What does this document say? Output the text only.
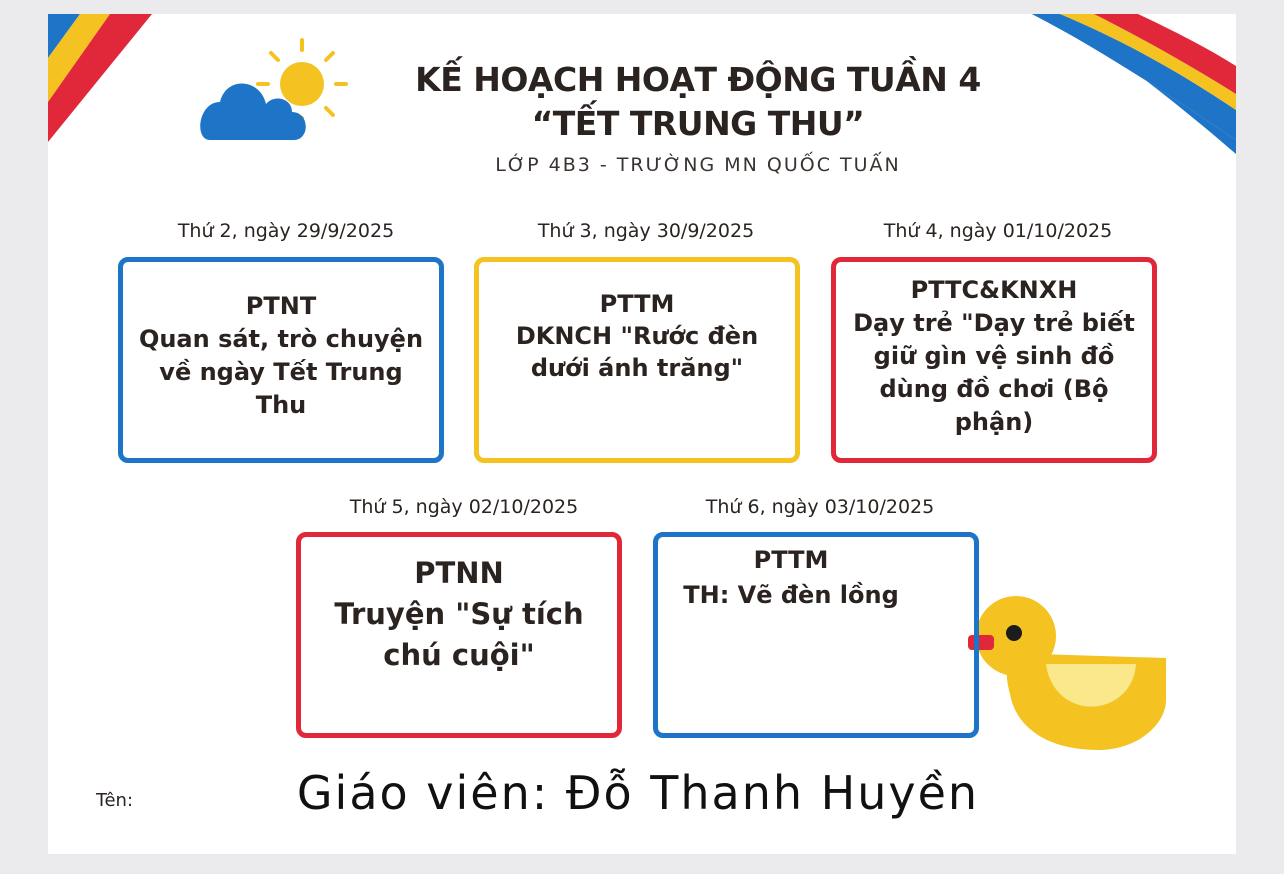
KẾ HOẠCH HOẠT ĐỘNG TUẦN 4
“TẾT TRUNG THU”
LỚP 4B3 - TRƯỜNG MN QUỐC TUẤN
Thứ 2, ngày 29/9/2025
PTNT
Quan sát, trò chuyện về ngày Tết Trung Thu
Thứ 3, ngày 30/9/2025
PTTM
DKNCH "Rước đèn dưới ánh trăng"
Thứ 4, ngày 01/10/2025
PTTC&KNXH
Dạy trẻ "Dạy trẻ biết giữ gìn vệ sinh đồ dùng đồ chơi (Bộ phận)
Thứ 5, ngày 02/10/2025
PTNN
Truyện "Sự tích chú cuội"
Thứ 6, ngày 03/10/2025
PTTM
TH: Vẽ đèn lồng
Tên:	Giáo viên: Đỗ Thanh Huyền
